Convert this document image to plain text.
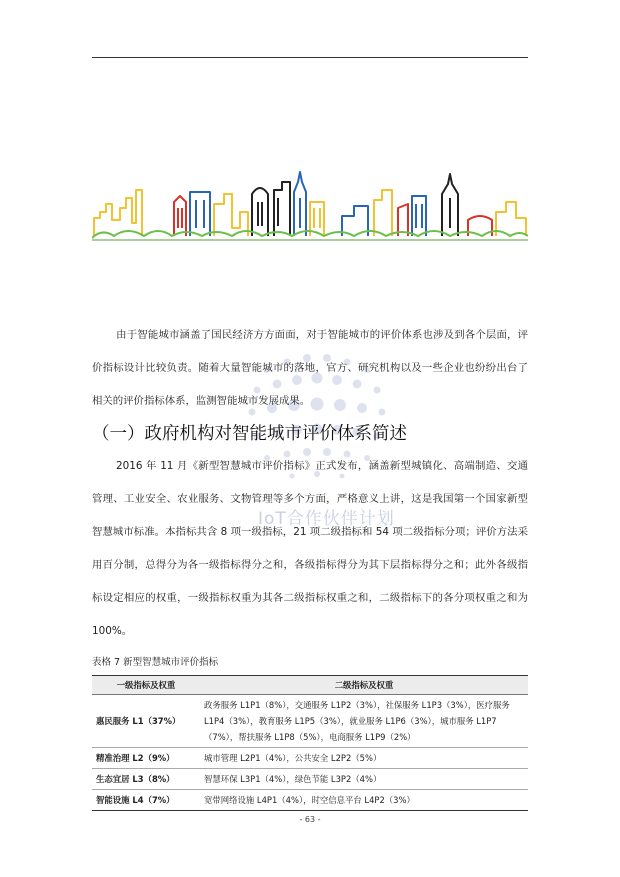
IoT合作伙伴计划

由于智能城市涵盖了国民经济方方面面，对于智能城市的评价体系也涉及到各个层面，评价指标设计比较负责。随着大量智能城市的落地，官方、研究机构以及一些企业也纷纷出台了相关的评价指标体系，监测智能城市发展成果。

（一）政府机构对智能城市评价体系简述

2016 年 11 月《新型智慧城市评价指标》正式发布，涵盖新型城镇化、高端制造、交通管理、工业安全、农业服务、文物管理等多个方面，严格意义上讲，这是我国第一个国家新型智慧城市标准。本指标共含 8 项一级指标，21 项二级指标和 54 项二级指标分项；评价方法采用百分制，总得分为各一级指标得分之和，各级指标得分为其下层指标得分之和；此外各级指标设定相应的权重，一级指标权重为其各二级指标权重之和，二级指标下的各分项权重之和为 100%。

表格 7 新型智慧城市评价指标
一级指标及权重	二级指标及权重
惠民服务 L1（37%）	政务服务 L1P1（8%），交通服务 L1P2（3%），社保服务 L1P3（3%），医疗服务 L1P4（3%），教育服务 L1P5（3%），就业服务 L1P6（3%），城市服务 L1P7（7%），帮扶服务 L1P8（5%），电商服务 L1P9（2%）
精准治理 L2（9%）	城市管理 L2P1（4%），公共安全 L2P2（5%）
生态宜居 L3（8%）	智慧环保 L3P1（4%），绿色节能 L3P2（4%）
智能设施 L4（7%）	宽带网络设施 L4P1（4%），时空信息平台 L4P2（3%）
- 63 -
